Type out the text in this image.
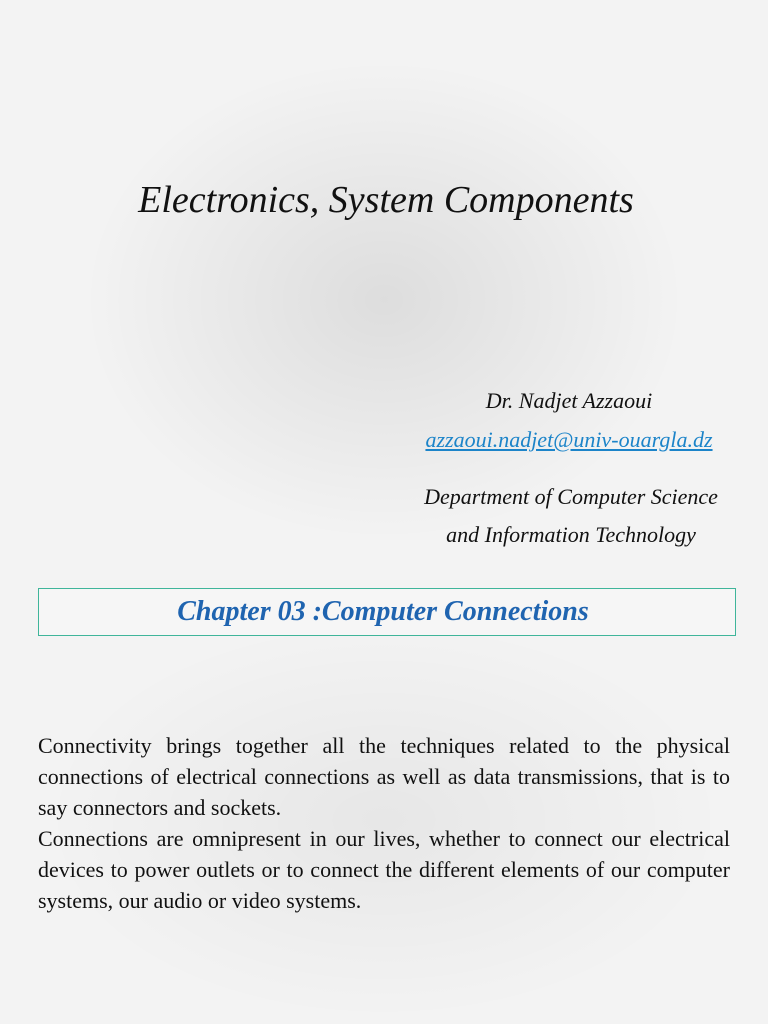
Electronics, System Components
Dr. Nadjet Azzaoui
azzaoui.nadjet@univ-ouargla.dz
Department of Computer Science
and Information Technology
Chapter 03 :Computer Connections

Connectivity brings together all the techniques related to the physical connections of electrical connections as well as data transmissions, that is to say connectors and sockets.

Connections are omnipresent in our lives, whether to connect our electrical devices to power outlets or to connect the different elements of our computer systems, our audio or video systems.
